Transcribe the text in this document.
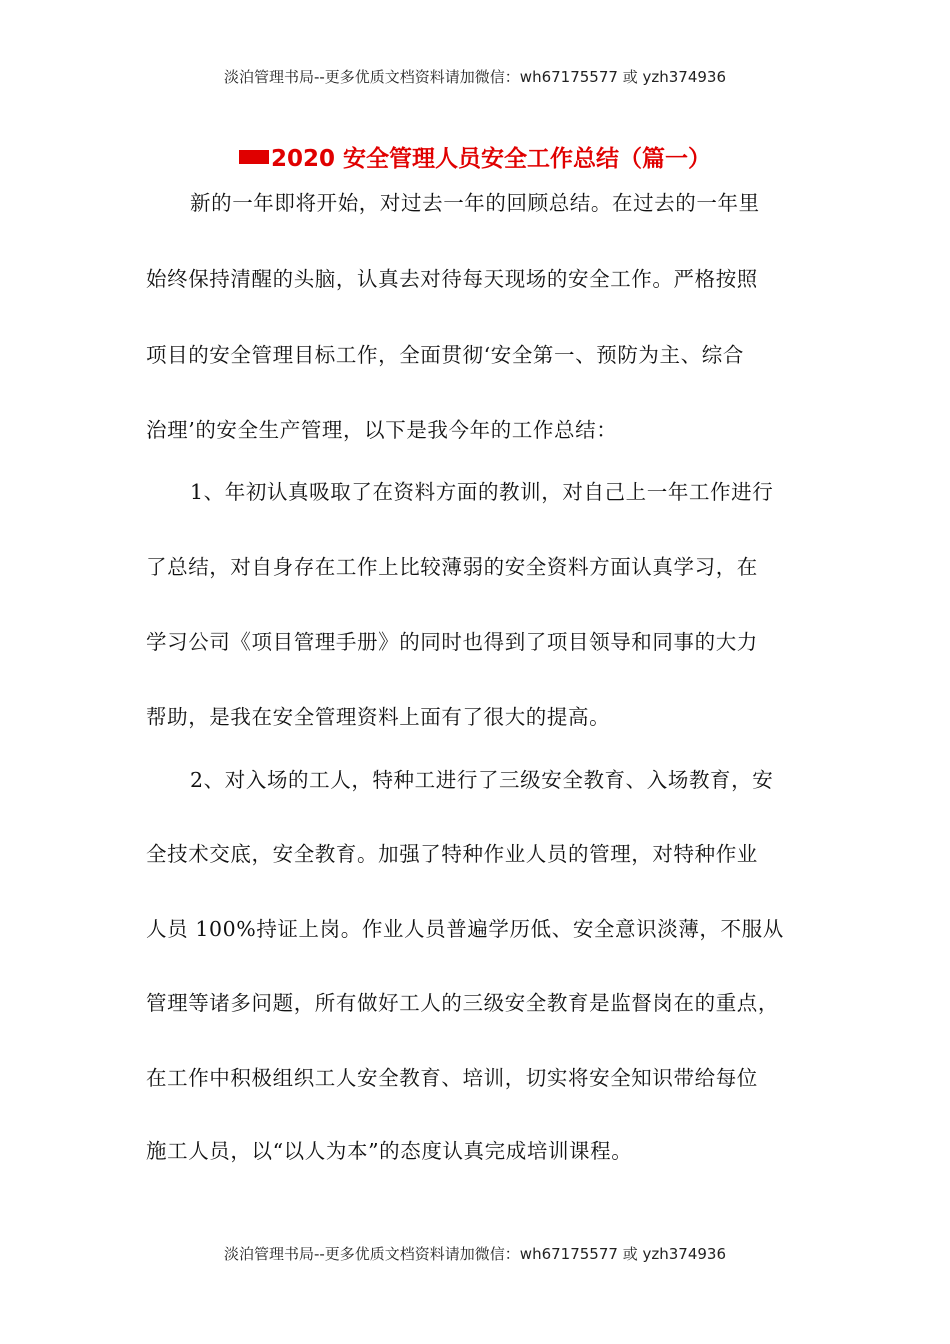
淡泊管理书局--更多优质文档资料请加微信：wh67175577 或 yzh374936
2020 安全管理人员安全工作总结（篇一）
新的一年即将开始，对过去一年的回顾总结。在过去的一年里
始终保持清醒的头脑，认真去对待每天现场的安全工作。严格按照
项目的安全管理目标工作，全面贯彻‘安全第一、预防为主、综合
治理’的安全生产管理，以下是我今年的工作总结：
1、年初认真吸取了在资料方面的教训，对自己上一年工作进行
了总结，对自身存在工作上比较薄弱的安全资料方面认真学习，在
学习公司《项目管理手册》的同时也得到了项目领导和同事的大力
帮助，是我在安全管理资料上面有了很大的提高。
2、对入场的工人，特种工进行了三级安全教育、入场教育，安
全技术交底，安全教育。加强了特种作业人员的管理，对特种作业
人员 100%持证上岗。作业人员普遍学历低、安全意识淡薄，不服从
管理等诸多问题，所有做好工人的三级安全教育是监督岗在的重点，
在工作中积极组织工人安全教育、培训，切实将安全知识带给每位
施工人员，以“以人为本”的态度认真完成培训课程。
淡泊管理书局--更多优质文档资料请加微信：wh67175577 或 yzh374936
